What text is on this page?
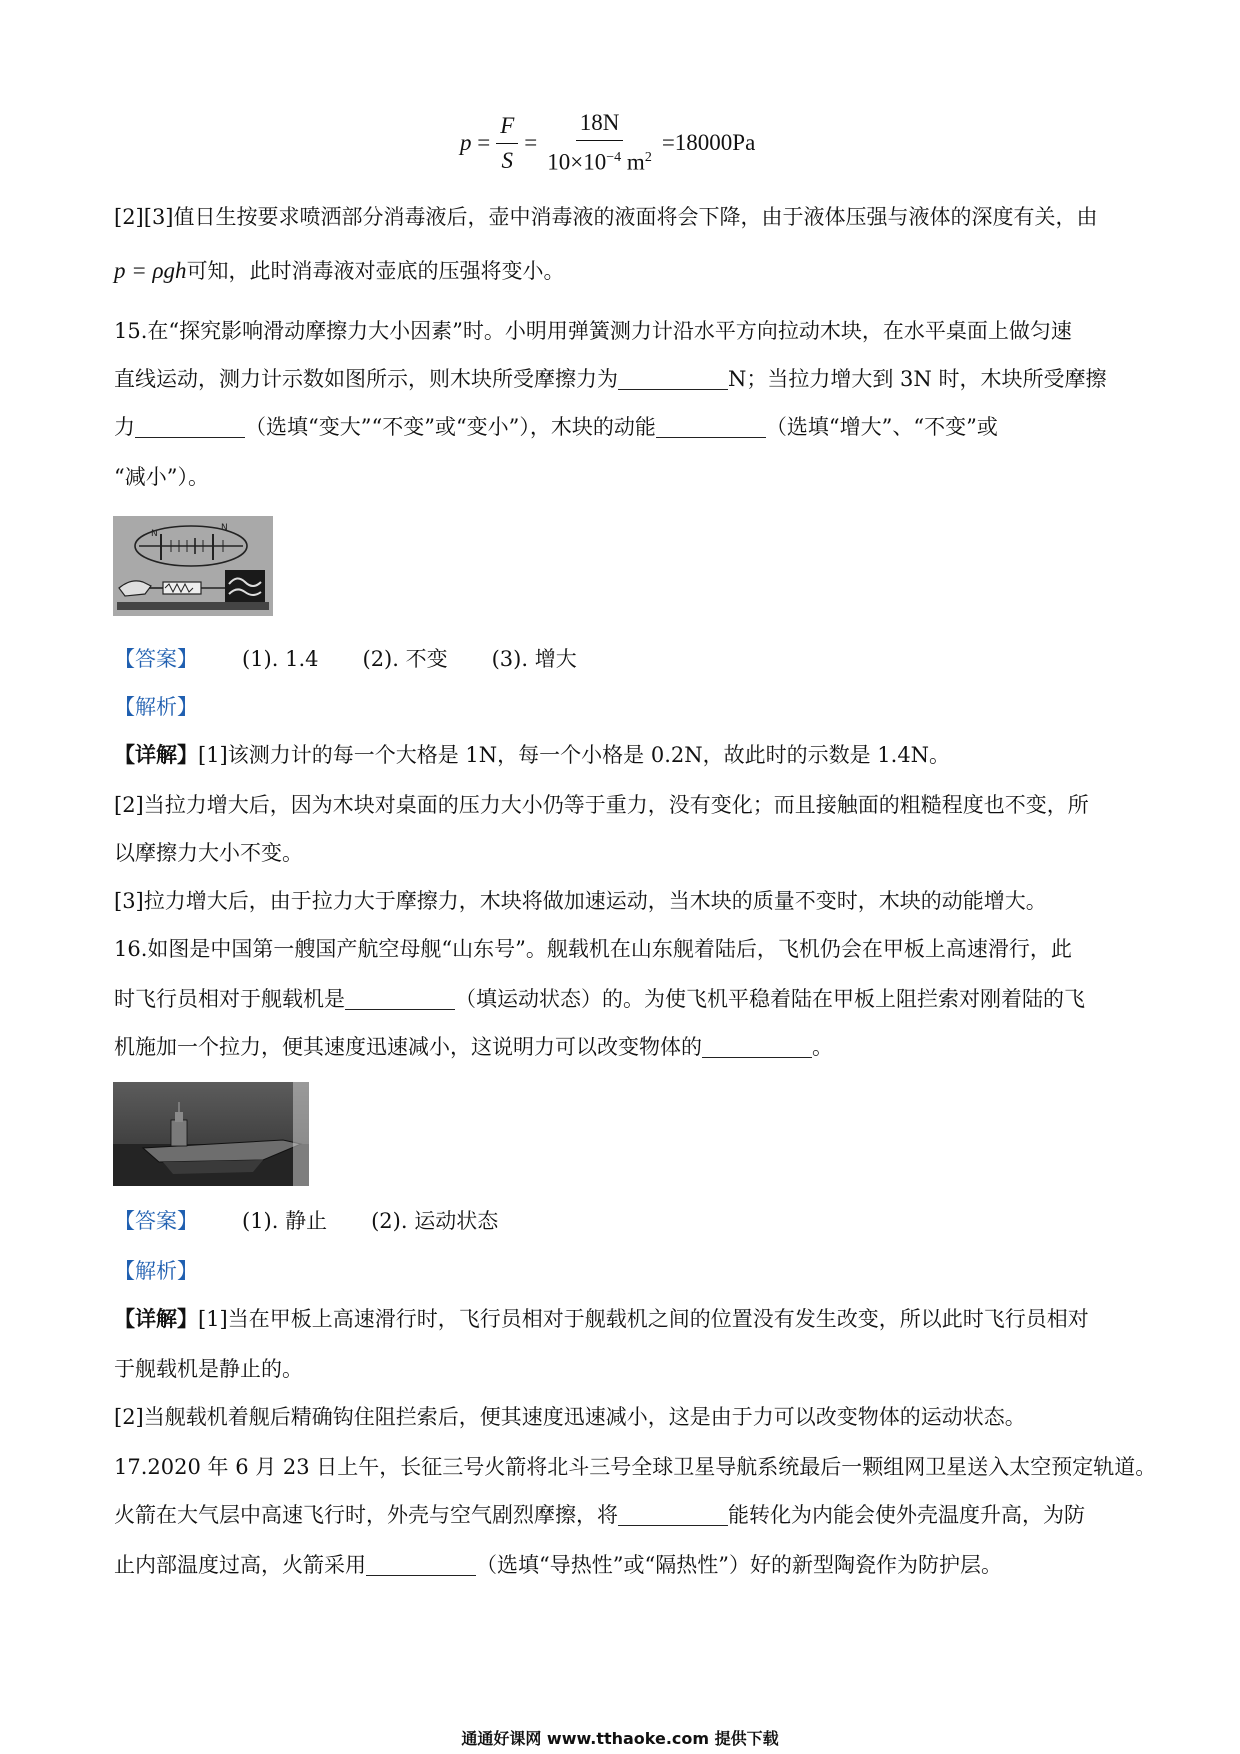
$p = \frac{F}{S} = \frac{18N}{10\times 10^{-4} m^2} =18000Pa$
[2][3]值日生按要求喷洒部分消毒液后，壶中消毒液的液面将会下降，由于液体压强与液体的深度有关，由
p = ρgh可知，此时消毒液对壶底的压强将变小。
15.在“探究影响滑动摩擦力大小因素”时。小明用弹簧测力计沿水平方向拉动木块，在水平桌面上做匀速
直线运动，测力计示数如图所示，则木块所受摩擦力为	N；当拉力增大到 3N 时，木块所受摩擦
力	（选填“变大”“不变”或“变小”），木块的动能	（选填“增大”、“不变”或
“减小”）。
N
N
【答案】 (1). 1.4 (2). 不变 (3). 增大
【解析】
【详解】[1]该测力计的每一个大格是 1N，每一个小格是 0.2N，故此时的示数是 1.4N。
[2]当拉力增大后，因为木块对桌面的压力大小仍等于重力，没有变化；而且接触面的粗糙程度也不变，所
以摩擦力大小不变。
[3]拉力增大后，由于拉力大于摩擦力，木块将做加速运动，当木块的质量不变时，木块的动能增大。
16.如图是中国第一艘国产航空母舰“山东号”。舰载机在山东舰着陆后，飞机仍会在甲板上高速滑行，此
时飞行员相对于舰载机是	（填运动状态）的。为使飞机平稳着陆在甲板上阻拦索对刚着陆的飞
机施加一个拉力，便其速度迅速减小，这说明力可以改变物体的	。
【答案】 (1). 静止 (2). 运动状态
【解析】
【详解】[1]当在甲板上高速滑行时，飞行员相对于舰载机之间的位置没有发生改变，所以此时飞行员相对
于舰载机是静止的。
[2]当舰载机着舰后精确钩住阻拦索后，便其速度迅速减小，这是由于力可以改变物体的运动状态。
17.2020 年 6 月 23 日上午，长征三号火箭将北斗三号全球卫星导航系统最后一颗组网卫星送入太空预定轨道。
火箭在大气层中高速飞行时，外壳与空气剧烈摩擦，将	能转化为内能会使外壳温度升高，为防
止内部温度过高，火箭采用	（选填“导热性”或“隔热性”）好的新型陶瓷作为防护层。
通通好课网 www.tthaoke.com 提供下载
